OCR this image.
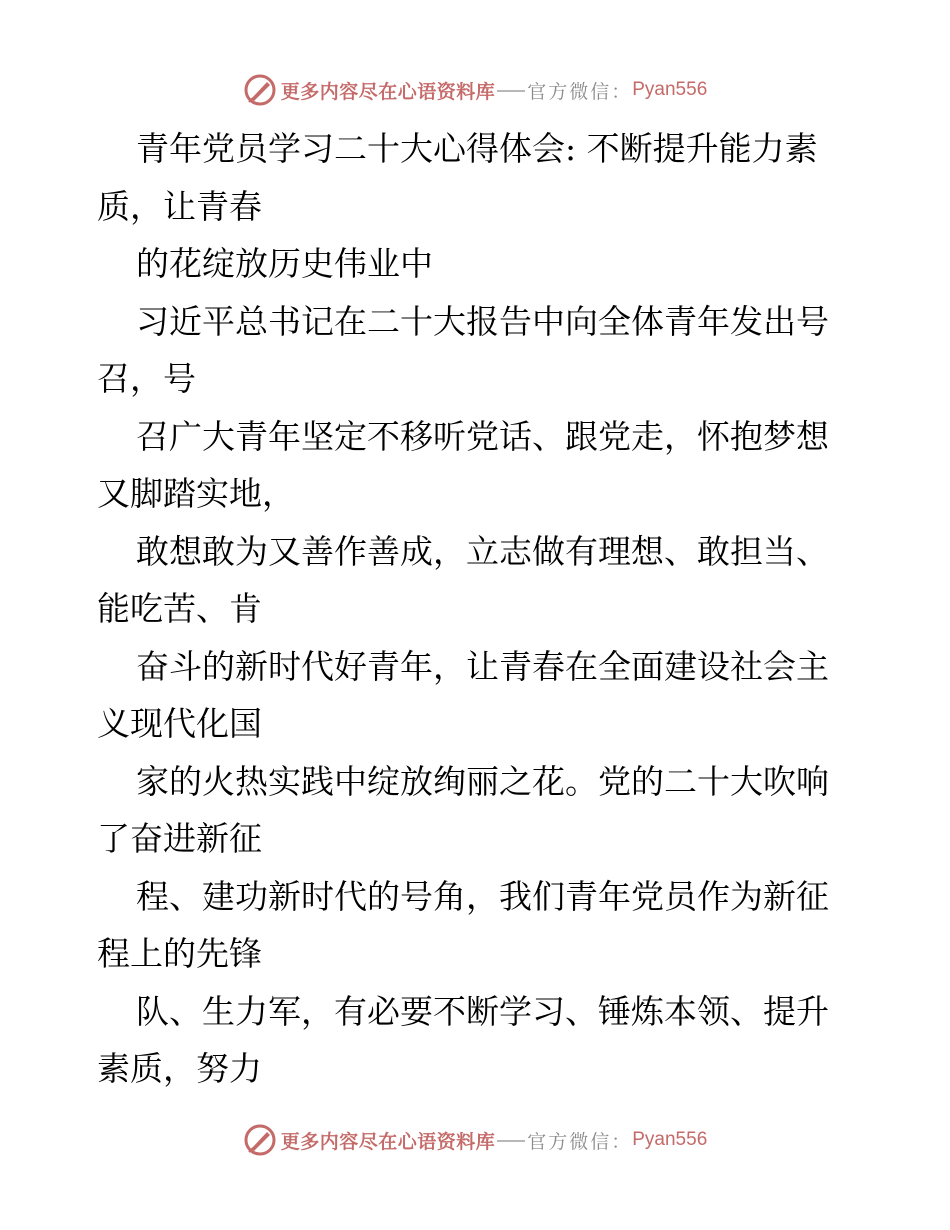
更多内容尽在心语资料库 官方微信： Pyan556
青年党员学习二十大心得体会: 不断提升能力素
质，让青春
的花绽放历史伟业中
习近平总书记在二十大报告中向全体青年发出号
召，号
召广大青年坚定不移听党话、跟党走，怀抱梦想
又脚踏实地，
敢想敢为又善作善成，立志做有理想、敢担当、
能吃苦、肯
奋斗的新时代好青年，让青春在全面建设社会主
义现代化国
家的火热实践中绽放绚丽之花。党的二十大吹响
了奋进新征
程、建功新时代的号角，我们青年党员作为新征
程上的先锋
队、生力军，有必要不断学习、锤炼本领、提升
素质，努力
更多内容尽在心语资料库 官方微信： Pyan556
